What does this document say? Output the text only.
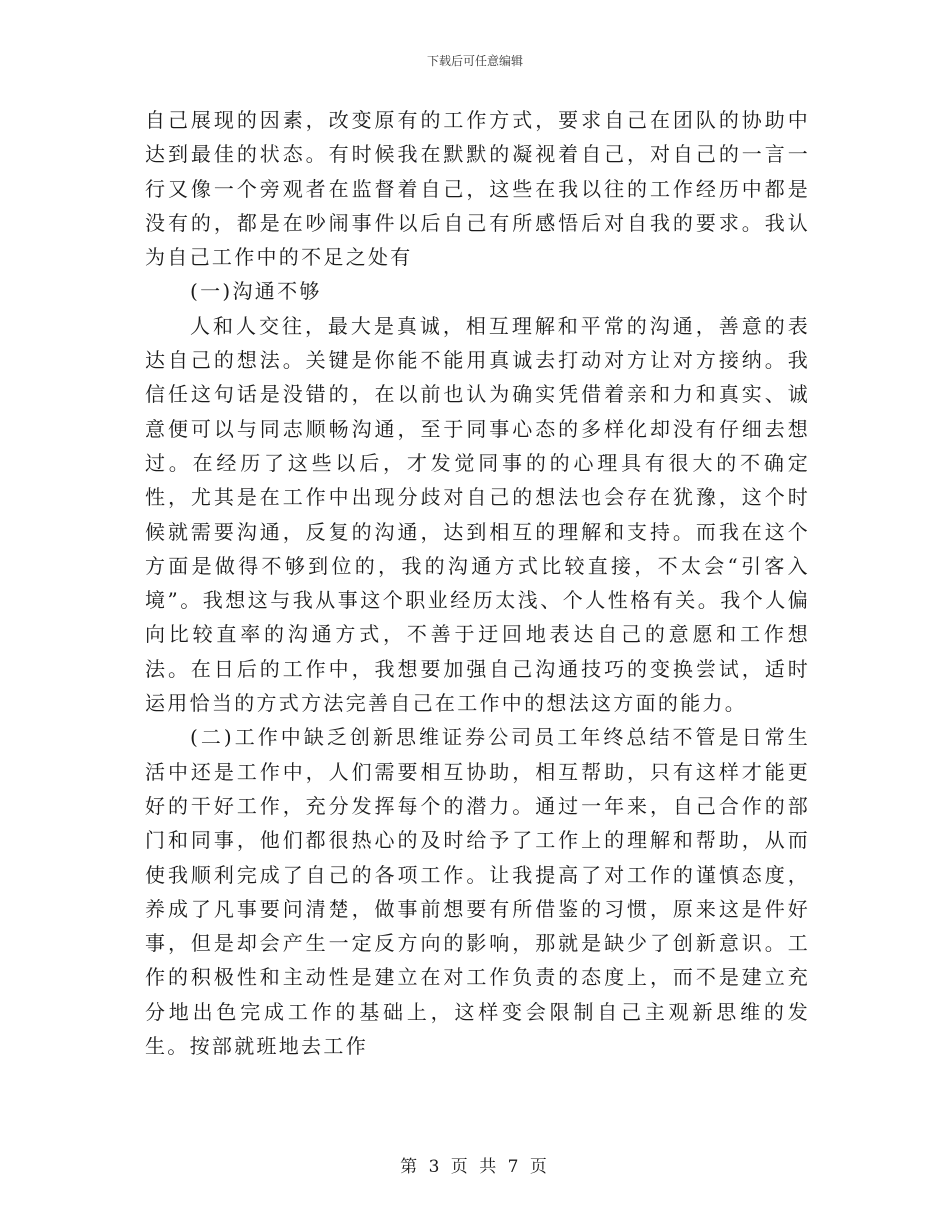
下载后可任意编辑

自己展现的因素，改变原有的工作方式，要求自己在团队的协助中达到最佳的状态。有时候我在默默的凝视着自己，对自己的一言一行又像一个旁观者在监督着自己，这些在我以往的工作经历中都是没有的，都是在吵闹事件以后自己有所感悟后对自我的要求。我认为自己工作中的不足之处有

(一)沟通不够

人和人交往，最大是真诚，相互理解和平常的沟通，善意的表达自己的想法。关键是你能不能用真诚去打动对方让对方接纳。我信任这句话是没错的，在以前也认为确实凭借着亲和力和真实、诚意便可以与同志顺畅沟通，至于同事心态的多样化却没有仔细去想过。在经历了这些以后，才发觉同事的的心理具有很大的不确定性，尤其是在工作中出现分歧对自己的想法也会存在犹豫，这个时候就需要沟通，反复的沟通，达到相互的理解和支持。而我在这个方面是做得不够到位的，我的沟通方式比较直接，不太会“引客入境”。我想这与我从事这个职业经历太浅、个人性格有关。我个人偏向比较直率的沟通方式，不善于迂回地表达自己的意愿和工作想法。在日后的工作中，我想要加强自己沟通技巧的变换尝试，适时运用恰当的方式方法完善自己在工作中的想法这方面的能力。

(二)工作中缺乏创新思维证券公司员工年终总结不管是日常生活中还是工作中，人们需要相互协助，相互帮助，只有这样才能更好的干好工作，充分发挥每个的潜力。通过一年来，自己合作的部门和同事，他们都很热心的及时给予了工作上的理解和帮助，从而使我顺利完成了自己的各项工作。让我提高了对工作的谨慎态度，养成了凡事要问清楚，做事前想要有所借鉴的习惯，原来这是件好事，但是却会产生一定反方向的影响，那就是缺少了创新意识。工作的积极性和主动性是建立在对工作负责的态度上，而不是建立充分地出色完成工作的基础上，这样变会限制自己主观新思维的发生。按部就班地去工作

第 3 页 共 7 页
